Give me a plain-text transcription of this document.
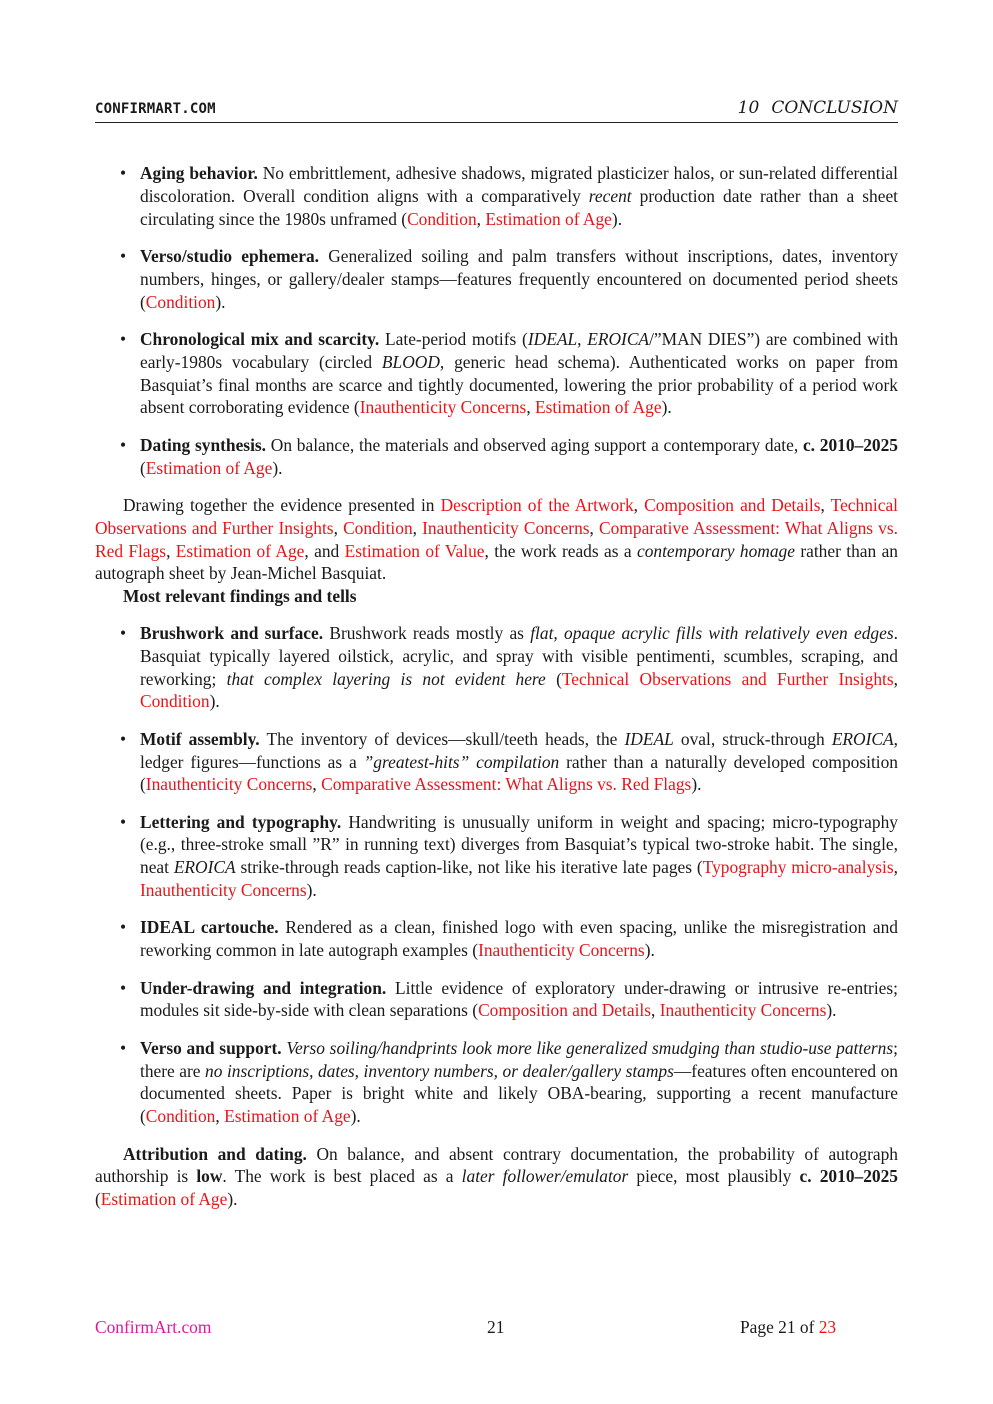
CONFIRMART.COM	10 CONCLUSION
• Aging behavior. No embrittlement, adhesive shadows, migrated plasticizer halos, or sun-related differential discoloration. Overall condition aligns with a comparatively recent production date rather than a sheet circulating since the 1980s unframed (Condition, Estimation of Age).
• Verso/studio ephemera. Generalized soiling and palm transfers without inscriptions, dates, inventory numbers, hinges, or gallery/dealer stamps—features frequently encountered on documented period sheets (Condition).
• Chronological mix and scarcity. Late-period motifs (IDEAL, EROICA/”MAN DIES”) are combined with early-1980s vocabulary (circled BLOOD, generic head schema). Authenticated works on paper from Basquiat’s final months are scarce and tightly documented, lowering the prior probability of a period work absent corroborating evidence (Inauthenticity Concerns, Estimation of Age).
• Dating synthesis. On balance, the materials and observed aging support a contemporary date, c. 2010–2025 (Estimation of Age).

Drawing together the evidence presented in Description of the Artwork, Composition and Details, Technical Observations and Further Insights, Condition, Inauthenticity Concerns, Comparative Assessment: What Aligns vs. Red Flags, Estimation of Age, and Estimation of Value, the work reads as a contemporary homage rather than an autograph sheet by Jean-Michel Basquiat.

Most relevant findings and tells
• Brushwork and surface. Brushwork reads mostly as flat, opaque acrylic fills with relatively even edges. Basquiat typically layered oilstick, acrylic, and spray with visible pentimenti, scumbles, scraping, and reworking; that complex layering is not evident here (Technical Observations and Further Insights, Condition).
• Motif assembly. The inventory of devices—skull/teeth heads, the IDEAL oval, struck-through EROICA, ledger figures—functions as a ”greatest-hits” compilation rather than a naturally developed composition (Inauthenticity Concerns, Comparative Assessment: What Aligns vs. Red Flags).
• Lettering and typography. Handwriting is unusually uniform in weight and spacing; micro-typography (e.g., three-stroke small ”R” in running text) diverges from Basquiat’s typical two-stroke habit. The single, neat EROICA strike-through reads caption-like, not like his iterative late pages (Typography micro-analysis, Inauthenticity Concerns).
• IDEAL cartouche. Rendered as a clean, finished logo with even spacing, unlike the misregistration and reworking common in late autograph examples (Inauthenticity Concerns).
• Under-drawing and integration. Little evidence of exploratory under-drawing or intrusive re-entries; modules sit side-by-side with clean separations (Composition and Details, Inauthenticity Concerns).
• Verso and support. Verso soiling/handprints look more like generalized smudging than studio-use patterns; there are no inscriptions, dates, inventory numbers, or dealer/gallery stamps—features often encountered on documented sheets. Paper is bright white and likely OBA-bearing, supporting a recent manufacture (Condition, Estimation of Age).

Attribution and dating. On balance, and absent contrary documentation, the probability of autograph authorship is low. The work is best placed as a later follower/emulator piece, most plausibly c. 2010–2025 (Estimation of Age).

ConfirmArt.com	21	Page 21 of 23
